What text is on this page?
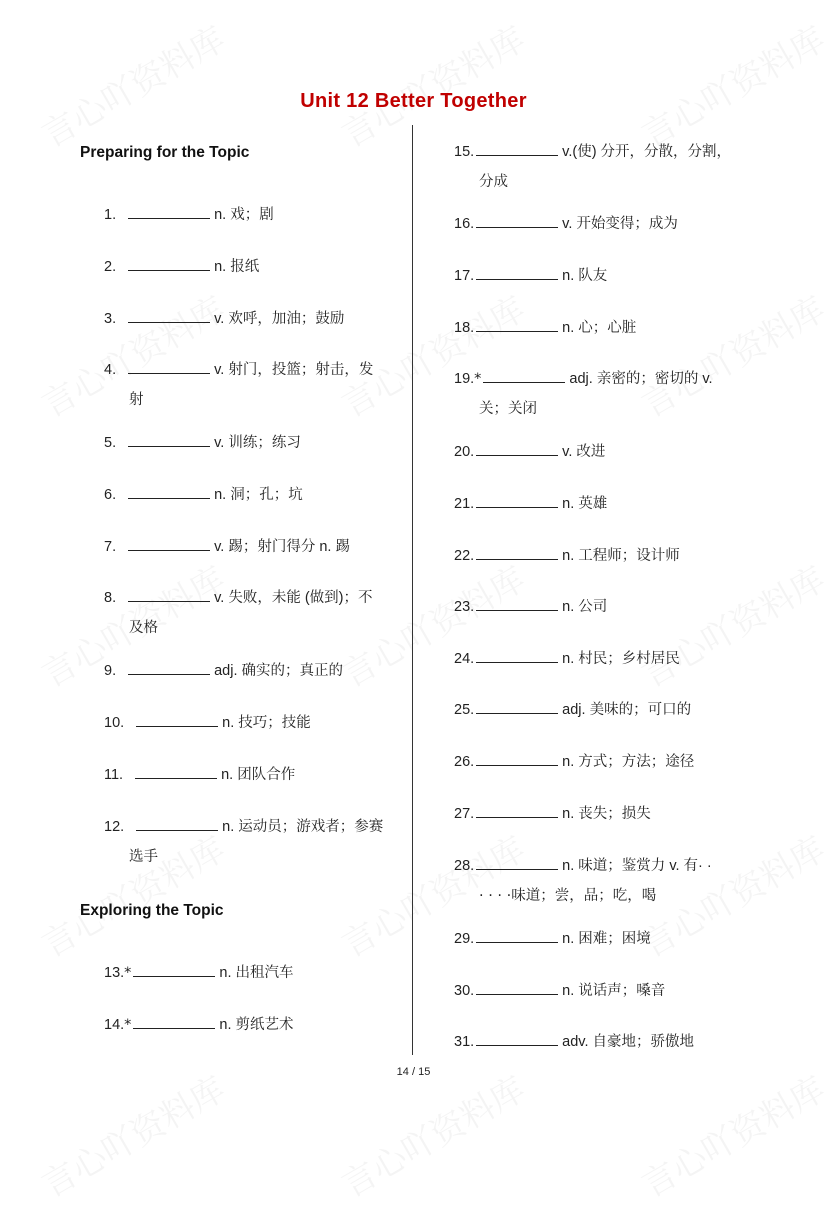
Unit 12 Better Together
Preparing for the Topic
Exploring the Topic
1.	n. 戏；剧
2.	n. 报纸
3.	v. 欢呼，加油；鼓励
4.	v. 射门，投篮；射击，发
射
5.	v. 训练；练习
6.	n. 洞；孔；坑
7.	v. 踢；射门得分 n. 踢
8.	v. 失败，未能 (做到)；不
及格
9.	adj. 确实的；真正的
10.	n. 技巧；技能
11.	n. 团队合作
12.	n. 运动员；游戏者；参赛
选手
13.*	n. 出租汽车
14.*	n. 剪纸艺术
15.	v.(使) 分开，分散，分割，
分成
16.	v. 开始变得；成为
17.	n. 队友
18.	n. 心；心脏
19.*	adj. 亲密的；密切的 v.
关；关闭
20.	v. 改进
21.	n. 英雄
22.	n. 工程师；设计师
23.	n. 公司
24.	n. 村民；乡村居民
25.	adj. 美味的；可口的
26.	n. 方式；方法；途径
27.	n. 丧失；损失
28.	n. 味道；鉴赏力 v. 有· ·
· · · ·味道；尝，品；吃，喝
29.	n. 困难；困境
30.	n. 说话声；嗓音
31.	adv. 自豪地；骄傲地
14 / 15
